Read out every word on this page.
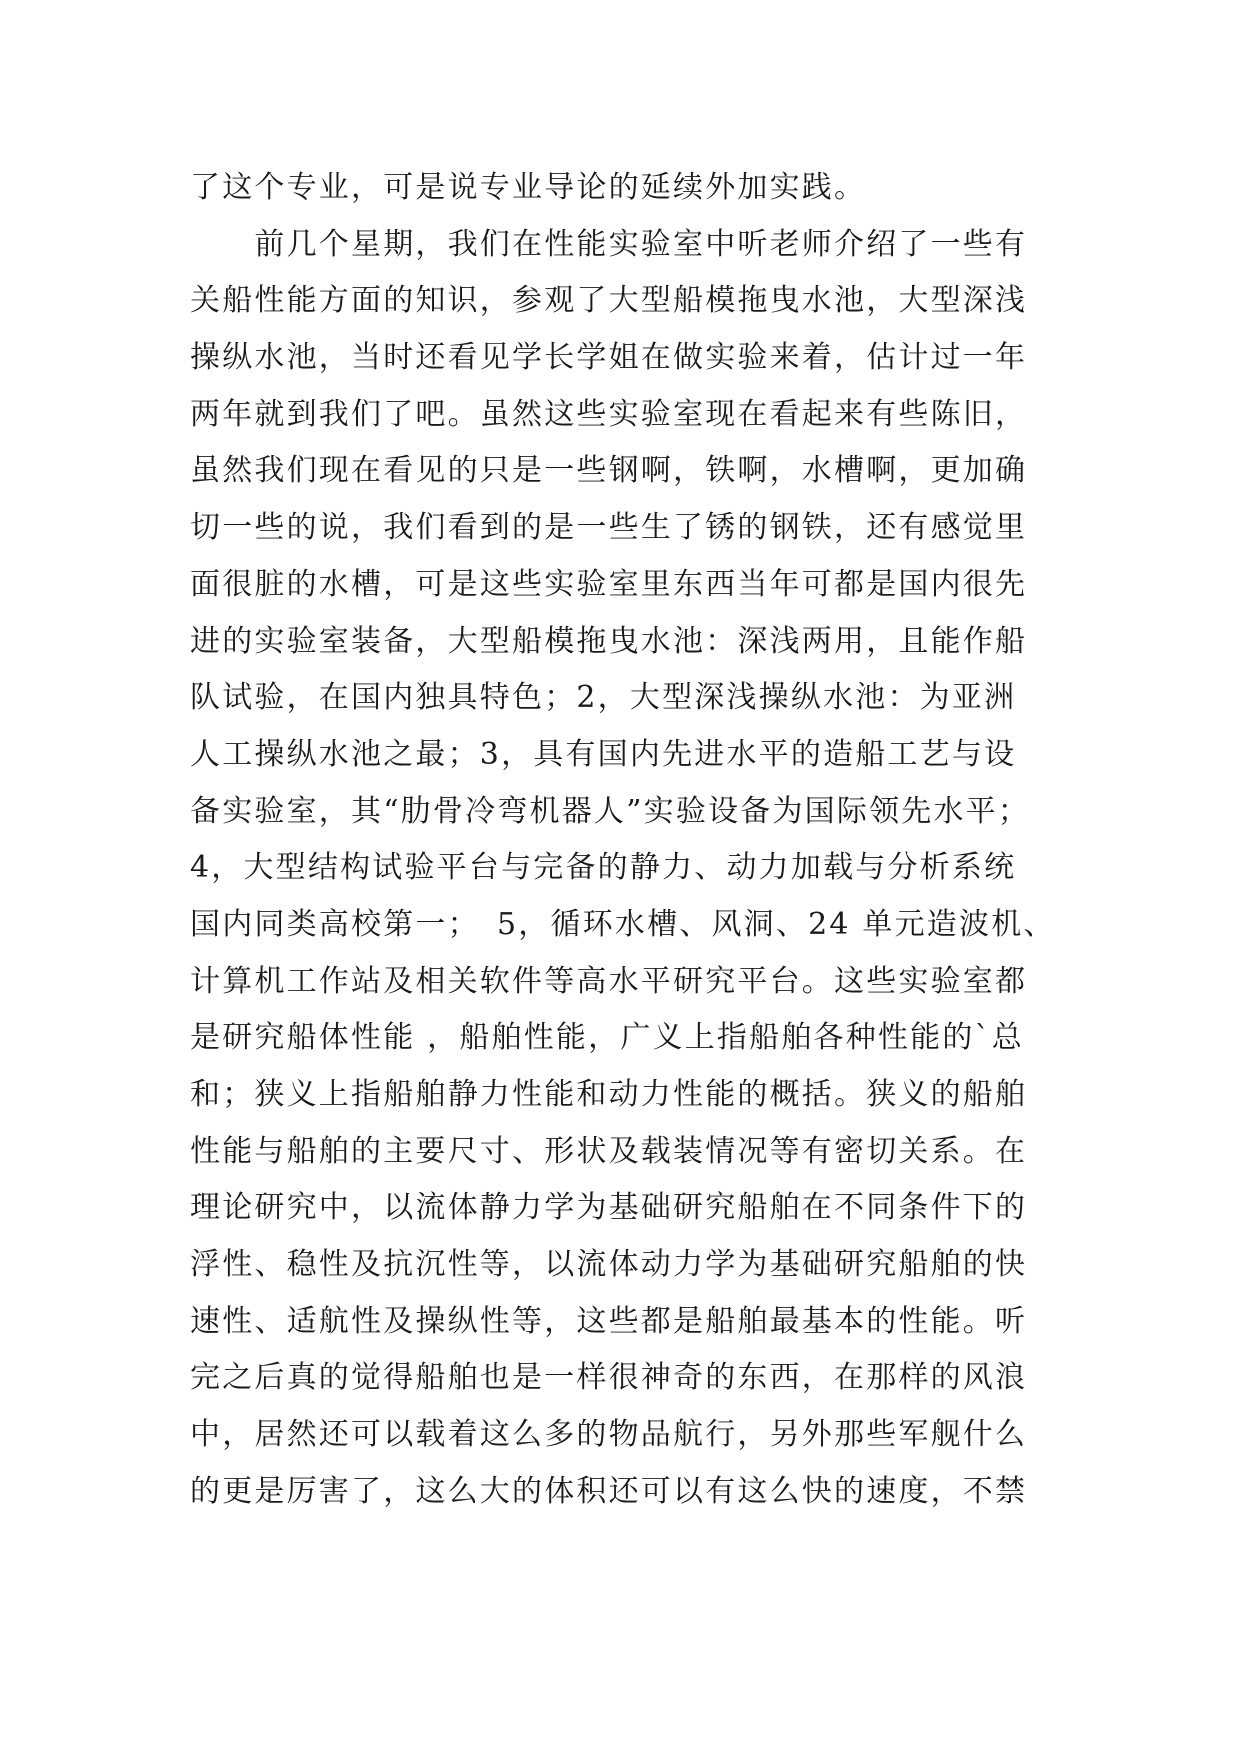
了这个专业，可是说专业导论的延续外加实践。
　　前几个星期，我们在性能实验室中听老师介绍了一些有
关船性能方面的知识，参观了大型船模拖曳水池，大型深浅
操纵水池，当时还看见学长学姐在做实验来着，估计过一年
两年就到我们了吧。虽然这些实验室现在看起来有些陈旧，
虽然我们现在看见的只是一些钢啊，铁啊，水槽啊，更加确
切一些的说，我们看到的是一些生了锈的钢铁，还有感觉里
面很脏的水槽，可是这些实验室里东西当年可都是国内很先
进的实验室装备，大型船模拖曳水池：深浅两用，且能作船
队试验，在国内独具特色；2，大型深浅操纵水池：为亚洲
人工操纵水池之最；3，具有国内先进水平的造船工艺与设
备实验室，其“肋骨冷弯机器人”实验设备为国际领先水平；
4，大型结构试验平台与完备的静力、动力加载与分析系统
国内同类高校第一；　5，循环水槽、风洞、24 单元造波机、
计算机工作站及相关软件等高水平研究平台。这些实验室都
是研究船体性能 ，船舶性能，广义上指船舶各种性能的`总
和；狭义上指船舶静力性能和动力性能的概括。狭义的船舶
性能与船舶的主要尺寸、形状及载装情况等有密切关系。在
理论研究中，以流体静力学为基础研究船舶在不同条件下的
浮性、稳性及抗沉性等，以流体动力学为基础研究船舶的快
速性、适航性及操纵性等，这些都是船舶最基本的性能。听
完之后真的觉得船舶也是一样很神奇的东西，在那样的风浪
中，居然还可以载着这么多的物品航行，另外那些军舰什么
的更是厉害了，这么大的体积还可以有这么快的速度，不禁
